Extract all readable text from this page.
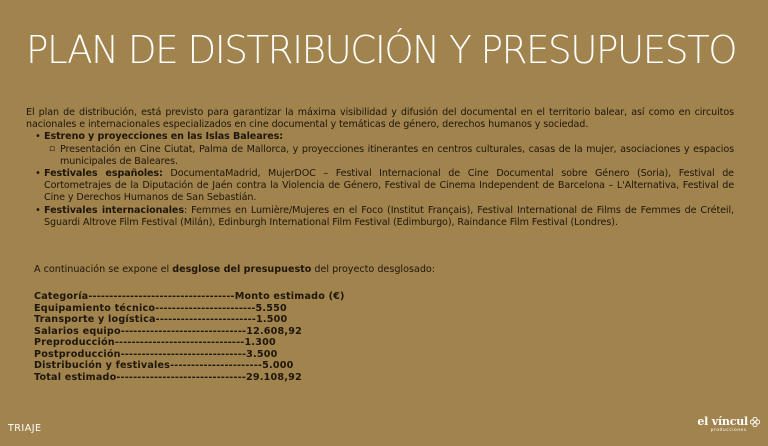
PLAN DE DISTRIBUCIÓN Y PRESUPUESTO

El plan de distribución, está previsto para garantizar la máxima visibilidad y difusión del documental en el territorio balear, así como en circuitos nacionales e internacionales especializados en cine documental y temáticas de género, derechos humanos y sociedad.

• Estreno y proyecciones en las Islas Baleares:
▫ Presentación en Cine Ciutat, Palma de Mallorca, y proyecciones itinerantes en centros culturales, casas de la mujer, asociaciones y espacios municipales de Baleares.
• Festivales españoles: DocumentaMadrid, MujerDOC – Festival Internacional de Cine Documental sobre Género (Soria), Festival de Cortometrajes de la Diputación de Jaén contra la Violencia de Género, Festival de Cinema Independent de Barcelona – L'Alternativa, Festival de Cine y Derechos Humanos de San Sebastián.
• Festivales internacionales: Femmes en Lumière/Mujeres en el Foco (Institut Français), Festival International de Films de Femmes de Créteil, Sguardi Altrove Film Festival (Milán), Edinburgh International Film Festival (Edimburgo), Raindance Film Festival (Londres).
A continuación se expone el desglose del presupuesto del proyecto desglosado:
Categoría-----------------------------------Monto estimado (€)
Equipamiento técnico------------------------5.550
Transporte y logística------------------------1.500
Salarios equipo------------------------------12.608,92
Preproducción-------------------------------1.300
Postproducción------------------------------3.500
Distribución y festivales----------------------5.000
Total estimado-------------------------------29.108,92
TRIAJE
el víncul
producciones
